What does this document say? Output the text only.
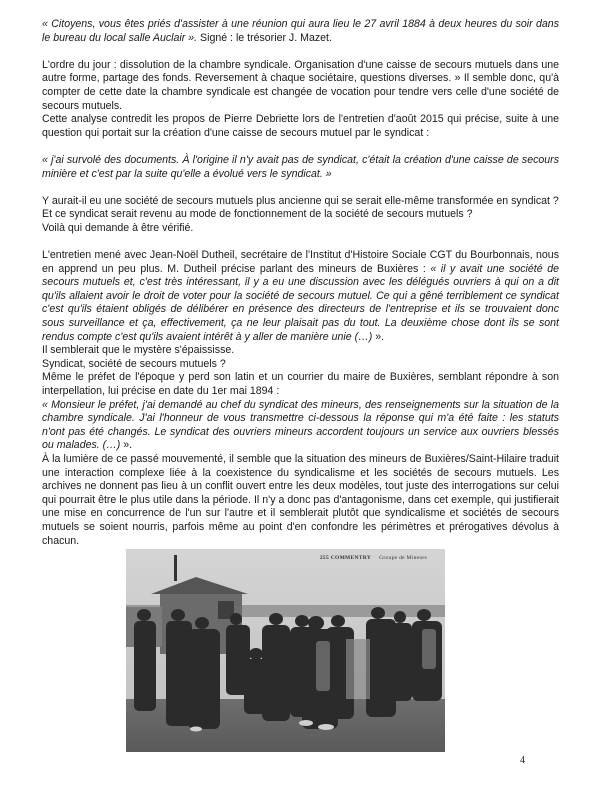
« Citoyens, vous êtes priés d'assister à une réunion qui aura lieu le 27 avril 1884 à deux heures du soir dans le bureau du local salle Auclair ». Signé : le trésorier J. Mazet.

L'ordre du jour : dissolution de la chambre syndicale. Organisation d'une caisse de secours mutuels dans une autre forme, partage des fonds. Reversement à chaque sociétaire, questions diverses. » Il semble donc, qu'à compter de cette date la chambre syndicale est changée de vocation pour tendre vers celle d'une société de secours mutuels.

Cette analyse contredit les propos de Pierre Debriette lors de l'entretien d'août 2015 qui précise, suite à une question qui portait sur la création d'une caisse de secours mutuel par le syndicat :

« j'ai survolé des documents. À l'origine il n'y avait pas de syndicat, c'était la création d'une caisse de secours minière et c'est par la suite qu'elle a évolué vers le syndicat. »

Y aurait-il eu une société de secours mutuels plus ancienne qui se serait elle-même transformée en syndicat ?

Et ce syndicat serait revenu au mode de fonctionnement de la société de secours mutuels ?

Voilà qui demande à être vérifié.

L'entretien mené avec Jean-Noël Dutheil, secrétaire de l'Institut d'Histoire Sociale CGT du Bourbonnais, nous en apprend un peu plus. M. Dutheil précise parlant des mineurs de Buxières : « il y avait une société de secours mutuels et, c'est très intéressant, il y a eu une discussion avec les délégués ouvriers à qui on a dit qu'ils allaient avoir le droit de voter pour la société de secours mutuel. Ce qui a gêné terriblement ce syndicat c'est qu'ils étaient obligés de délibérer en présence des directeurs de l'entreprise et ils se trouvaient donc sous surveillance et ça, effectivement, ça ne leur plaisait pas du tout. La deuxième chose dont ils se sont rendus compte c'est qu'ils avaient intérêt à y aller de manière unie (…) ».

Il semblerait que le mystère s'épaississe.

Syndicat, société de secours mutuels ?

Même le préfet de l'époque y perd son latin et un courrier du maire de Buxières, semblant répondre à son interpellation, lui précise en date du 1er mai 1894 :

« Monsieur le préfet, j'ai demandé au chef du syndicat des mineurs, des renseignements sur la situation de la chambre syndicale. J'ai l'honneur de vous transmettre ci-dessous la réponse qui m'a été faite : les statuts n'ont pas été changés. Le syndicat des ouvriers mineurs accordent toujours un service aux ouvriers blessés ou malades. (…) ».

À la lumière de ce passé mouvementé, il semble que la situation des mineurs de Buxières/Saint-Hilaire traduit une interaction complexe liée à la coexistence du syndicalisme et les sociétés de secours mutuels. Les archives ne donnent pas lieu à un conflit ouvert entre les deux modèles, tout juste des interrogations sur celui qui pourrait être le plus utile dans la période. Il n'y a donc pas d'antagonisme, dans cet exemple, qui justifierait une mise en concurrence de l'un sur l'autre et il semblerait plutôt que syndicalisme et sociétés de secours mutuels se soient nourris, parfois même au point d'en confondre les périmètres et prérogatives dévolus à chacun.

255 COMMENTRY Groupe de Mineurs
4
